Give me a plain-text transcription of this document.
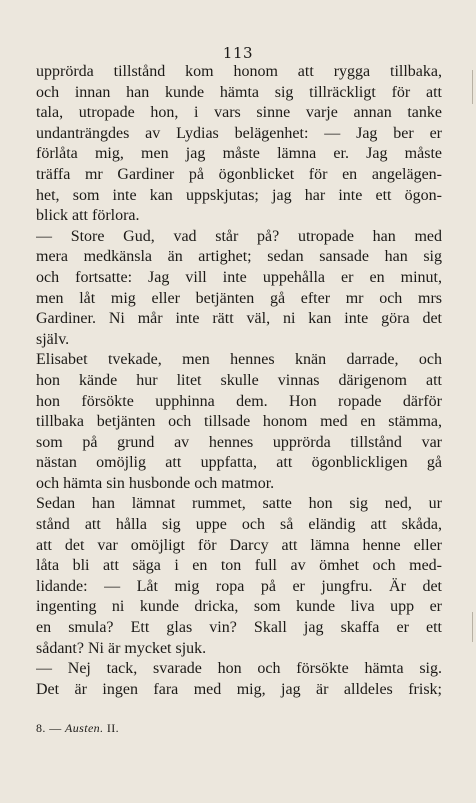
113
upprörda tillstånd kom honom att rygga tillbaka,
och innan han kunde hämta sig tillräckligt för att
tala, utropade hon, i vars sinne varje annan tanke
undanträngdes av Lydias belägenhet: — Jag ber er
förlåta mig, men jag måste lämna er. Jag måste
träffa mr Gardiner på ögonblicket för en angelägen-
het, som inte kan uppskjutas; jag har inte ett ögon-
blick att förlora.
— Store Gud, vad står på? utropade han med
mera medkänsla än artighet; sedan sansade han sig
och fortsatte: Jag vill inte uppehålla er en minut,
men låt mig eller betjänten gå efter mr och mrs
Gardiner. Ni mår inte rätt väl, ni kan inte göra det
själv.
Elisabet tvekade, men hennes knän darrade, och
hon kände hur litet skulle vinnas därigenom att
hon försökte upphinna dem. Hon ropade därför
tillbaka betjänten och tillsade honom med en stämma,
som på grund av hennes upprörda tillstånd var
nästan omöjlig att uppfatta, att ögonblickligen gå
och hämta sin husbonde och matmor.
Sedan han lämnat rummet, satte hon sig ned, ur
stånd att hålla sig uppe och så eländig att skåda,
att det var omöjligt för Darcy att lämna henne eller
låta bli att säga i en ton full av ömhet och med-
lidande: — Låt mig ropa på er jungfru. Är det
ingenting ni kunde dricka, som kunde liva upp er
en smula? Ett glas vin? Skall jag skaffa er ett
sådant? Ni är mycket sjuk.
— Nej tack, svarade hon och försökte hämta sig.
Det är ingen fara med mig, jag är alldeles frisk;
8. — Austen. II.
